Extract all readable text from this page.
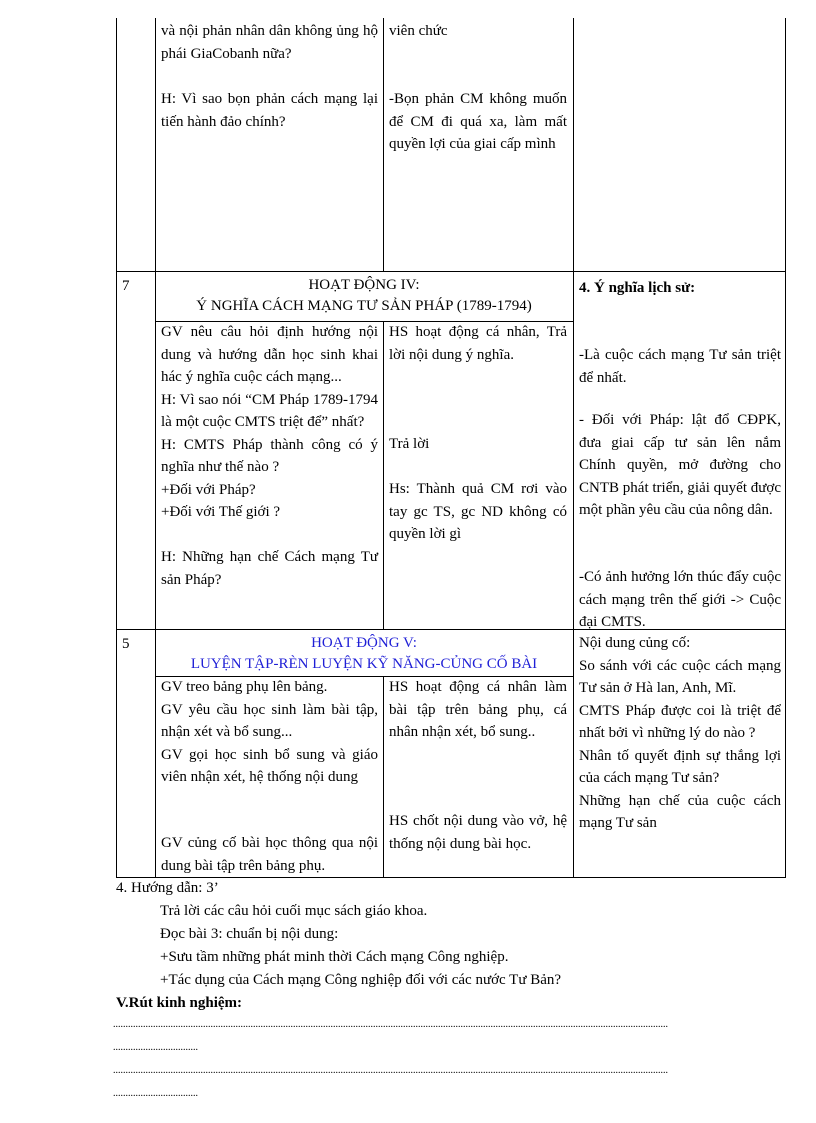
và nội phản nhân dân không ủng hộ phái GiaCobanh nữa?
H: Vì sao bọn phản cách mạng lại tiến hành đảo chính?
viên chức
-Bọn phản CM không muốn để CM đi quá xa, làm mất quyền lợi của giai cấp mình
7	HOẠT ĐỘNG IV:
Ý NGHĨA CÁCH MẠNG TƯ SẢN PHÁP (1789-1794)
GV nêu câu hỏi định hướng nội dung và hướng dẫn học sinh khai hác ý nghĩa cuộc cách mạng...
H: Vì sao nói “CM Pháp 1789-1794 là một cuộc CMTS triệt để” nhất?
H: CMTS Pháp thành công có ý nghĩa như thế nào ?
+Đối với Pháp?
+Đối với Thế giới ?

H: Những hạn chế Cách mạng Tư sản Pháp?
HS hoạt động cá nhân, Trả lời nội dung ý nghĩa.
Trả lời
Hs: Thành quả CM rơi vào tay gc TS, gc ND không có quyền lời gì
4. Ý nghĩa lịch sử:
-Là cuộc cách mạng Tư sản triệt để nhất.
- Đối với Pháp: lật đổ CĐPK, đưa giai cấp tư sản lên nắm Chính quyền, mở đường cho CNTB phát triển, giải quyết được một phần yêu cầu của nông dân.
-Có ảnh hưởng lớn thúc đẩy cuộc cách mạng trên thế giới -> Cuộc đại CMTS.
5	HOẠT ĐỘNG V:
LUYỆN TẬP-RÈN LUYỆN KỸ NĂNG-CỦNG CỐ BÀI
GV treo bảng phụ lên bảng.
GV yêu cầu học sinh làm bài tập, nhận xét và bổ sung...
GV gọi học sinh bổ sung và giáo viên nhận xét, hệ thống nội dung
GV củng cố bài học thông qua nội dung bài tập trên bảng phụ.
HS hoạt động cá nhân làm bài tập trên bảng phụ, cá nhân nhận xét, bổ sung..
HS chốt nội dung vào vở, hệ thống nội dung bài học.
Nội dung củng cố:
So sánh với các cuộc cách mạng Tư sản ở Hà lan, Anh, Mĩ.
CMTS Pháp được coi là triệt để nhất bởi vì những lý do nào ?
Nhân tố quyết định sự thắng lợi của cách mạng Tư sản?
Những hạn chế của cuộc cách mạng Tư sản
4. Hướng dẫn: 3’
Trả lời các câu hỏi cuối mục sách giáo khoa.
Đọc bài 3: chuẩn bị nội dung:
+Sưu tầm những phát minh thời Cách mạng Công nghiệp.
+Tác dụng của Cách mạng Công nghiệp đối với các nước Tư Bản?
V.Rút kinh nghiệm:
..............................................................................................................................................................................................................................
..................................
..............................................................................................................................................................................................................................
..................................
